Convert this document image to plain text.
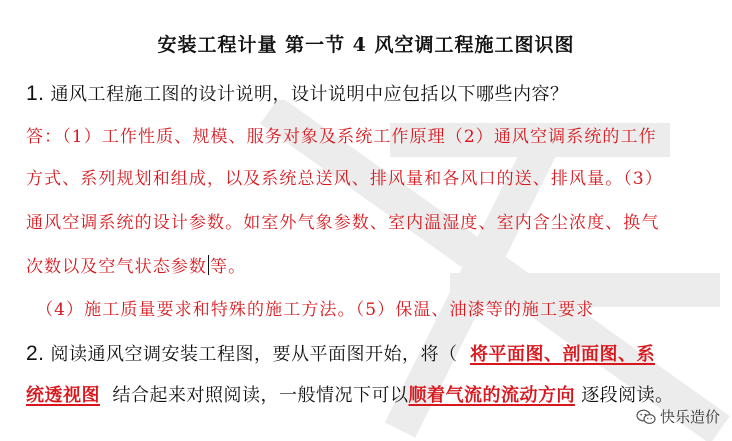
安装工程计量 第一节 4 风空调工程施工图识图
1. 通风工程施工图的设计说明，设计说明中应包括以下哪些内容？
答：（1）工作性质、规模、服务对象及系统工作原理（2）通风空调系统的工作
方式、系列规划和组成，以及系统总送风、排风量和各风口的送、排风量。（3）
通风空调系统的设计参数。如室外气象参数、室内温湿度、室内含尘浓度、换气
次数以及空气状态参数 等。
（4）施工质量要求和特殊的施工方法。（5）保温、油漆等的施工要求
2. 阅读通风空调安装工程图，要从平面图开始，将（ 将平面图、剖面图、系
统透视图 结合起来对照阅读，一般情况下可以顺着气流的流动方向 逐段阅读。
快乐造价
